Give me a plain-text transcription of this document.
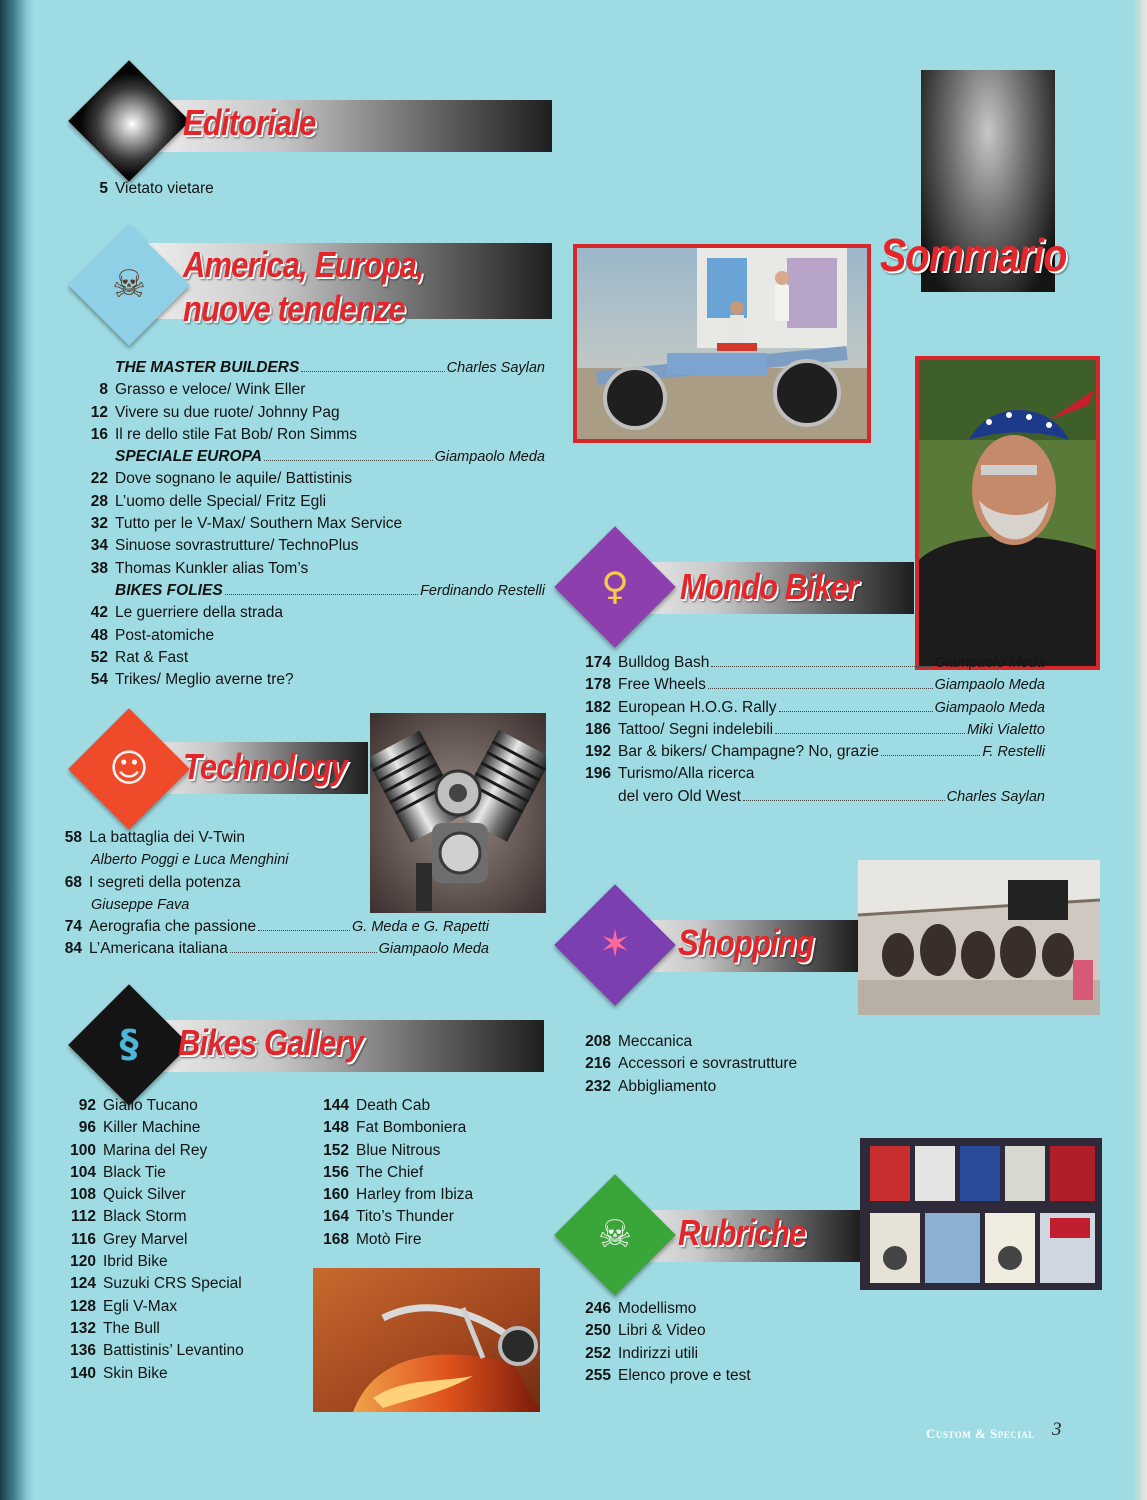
Sommario
Editoriale
5 Vietato vietare
☠	America, Europa,
nuove tendenze
THE MASTER BUILDERS	Charles Saylan
8 Grasso e veloce/ Wink Eller
12 Vivere su due ruote/ Johnny Pag
16 Il re dello stile Fat Bob/ Ron Simms
SPECIALE EUROPA	Giampaolo Meda
22 Dove sognano le aquile/ Battistinis
28 L’uomo delle Special/ Fritz Egli
32 Tutto per le V-Max/ Southern Max Service
34 Sinuose sovrastrutture/ TechnoPlus
38 Thomas Kunkler alias Tom’s
BIKES FOLIES	Ferdinando Restelli
42 Le guerriere della strada
48 Post-atomiche
52 Rat & Fast
54 Trikes/ Meglio averne tre?
☺ Technology
58 La battaglia dei V-Twin
Alberto Poggi e Luca Menghini
68 I segreti della potenza
Giuseppe Fava
74 Aerografia che passione	G. Meda e G. Rapetti
84 L’Americana italiana	Giampaolo Meda
§	Bikes Gallery
92 Giallo Tucano
96 Killer Machine
100 Marina del Rey
104 Black Tie
108 Quick Silver
112 Black Storm
116 Grey Marvel
120 Ibrid Bike
124 Suzuki CRS Special
128 Egli V-Max
132 The Bull
136 Battistinis’ Levantino
140 Skin Bike
144 Death Cab
148 Fat Bomboniera
152 Blue Nitrous
156 The Chief
160 Harley from Ibiza
164 Tito’s Thunder
168 Motò Fire
♀	Mondo Biker
174 Bulldog Bash	Giampaolo Meda
178 Free Wheels	Giampaolo Meda
182 European H.O.G. Rally	Giampaolo Meda
186 Tattoo/ Segni indelebili	Miki Vialetto
192 Bar & bikers/ Champagne? No, grazie	F. Restelli
196 Turismo/Alla ricerca
del vero Old West	Charles Saylan
✶	Shopping
208 Meccanica
216 Accessori e sovrastrutture
232 Abbigliamento
☠	Rubriche
246 Modellismo
250 Libri & Video
252 Indirizzi utili
255 Elenco prove e test
Custom & Special 3
